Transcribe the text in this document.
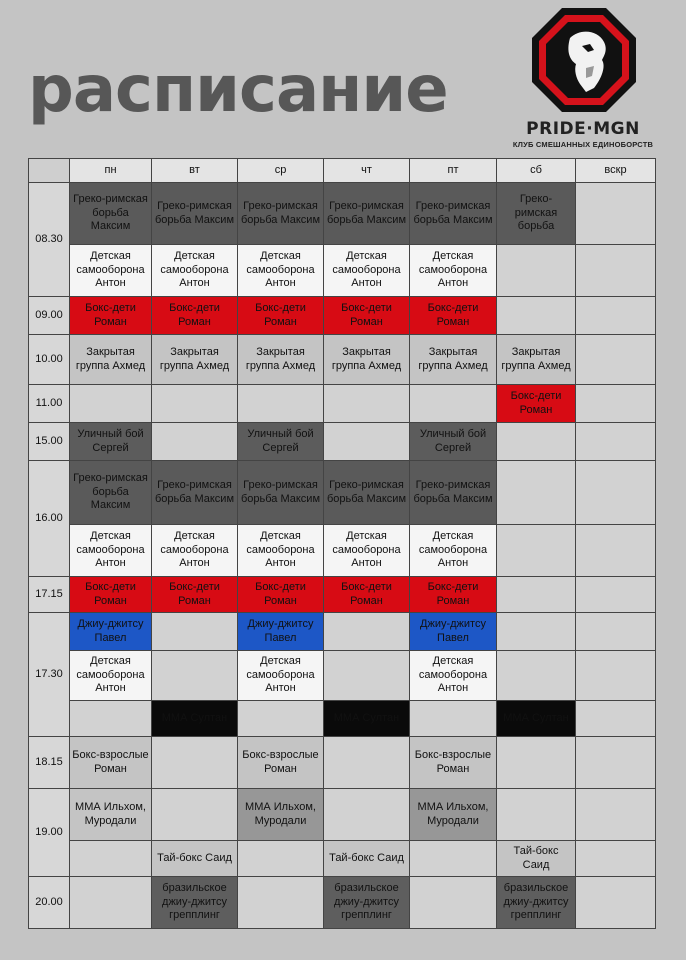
расписание
PRIDE·MGN
КЛУБ СМЕШАННЫХ ЕДИНОБОРСТВ
	пн	вт	ср	чт	пт	сб	вскр
08.30	Греко-римская борьба Максим	Греко-римская борьба Максим	Греко-римская борьба Максим	Греко-римская борьба Максим	Греко-римская борьба Максим	Греко-римская борьба	
	Детская самооборона Антон	Детская самооборона Антон	Детская самооборона Антон	Детская самооборона Антон	Детская самооборона Антон		
09.00	Бокс-дети Роман	Бокс-дети Роман	Бокс-дети Роман	Бокс-дети Роман	Бокс-дети Роман		
10.00	Закрытая группа Ахмед	Закрытая группа Ахмед	Закрытая группа Ахмед	Закрытая группа Ахмед	Закрытая группа Ахмед	Закрытая группа Ахмед	
11.00						Бокс-дети Роман	
15.00	Уличный бой Сергей		Уличный бой Сергей		Уличный бой Сергей		
16.00	Греко-римская борьба Максим	Греко-римская борьба Максим	Греко-римская борьба Максим	Греко-римская борьба Максим	Греко-римская борьба Максим		
	Детская самооборона Антон	Детская самооборона Антон	Детская самооборона Антон	Детская самооборона Антон	Детская самооборона Антон		
17.15	Бокс-дети Роман	Бокс-дети Роман	Бокс-дети Роман	Бокс-дети Роман	Бокс-дети Роман		
17.30	Джиу-джитсу Павел		Джиу-джитсу Павел		Джиу-джитсу Павел		
	Детская самооборона Антон		Детская самооборона Антон		Детская самооборона Антон		
		ММА Султан		ММА Султан		ММА Султан	
18.15	Бокс-взрослые Роман		Бокс-взрослые Роман		Бокс-взрослые Роман		
19.00	ММА Ильхом, Муродали		ММА Ильхом, Муродали		ММА Ильхом, Муродали		
		Тай-бокс Саид		Тай-бокс Саид		Тай-бокс Саид	
20.00		бразильское джиу-джитсу грепплинг		бразильское джиу-джитсу грепплинг		бразильское джиу-джитсу грепплинг	
